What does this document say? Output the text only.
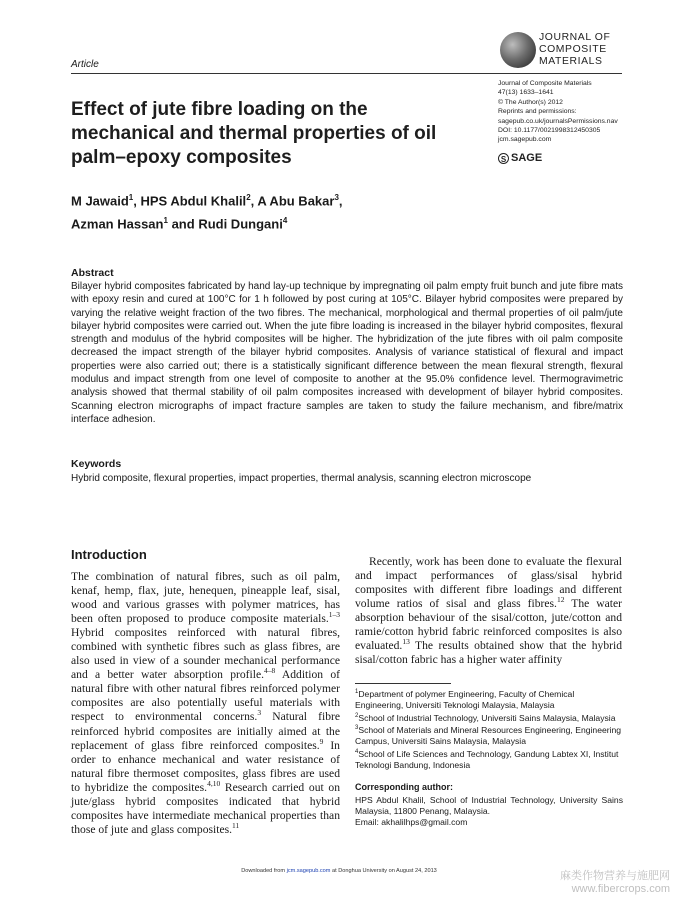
Article
JOURNAL OF
COMPOSITE
MATERIALS
Journal of Composite Materials
47(13) 1633–1641
© The Author(s) 2012
Reprints and permissions:
sagepub.co.uk/journalsPermissions.nav
DOI: 10.1177/0021998312450305
jcm.sagepub.com
S SAGE
Effect of jute fibre loading on the mechanical and thermal properties of oil palm–epoxy composites
M Jawaid$^1$, HPS Abdul Khalil$^2$, A Abu Bakar$^3$,
Azman Hassan$^1$ and Rudi Dungani$^4$
Abstract
Bilayer hybrid composites fabricated by hand lay-up technique by impregnating oil palm empty fruit bunch and jute fibre mats with epoxy resin and cured at 100°C for 1 h followed by post curing at 105°C. Bilayer hybrid composites were prepared by varying the relative weight fraction of the two fibres. The mechanical, morphological and thermal properties of oil palm/jute bilayer hybrid composites were carried out. When the jute fibre loading is increased in the bilayer hybrid composites, flexural strength and modulus of the hybrid composites will be higher. The hybridization of the jute fibres with oil palm composite decreased the impact strength of the bilayer hybrid composites. Analysis of variance statistical of flexural and impact properties were also carried out; there is a statistically significant difference between the mean flexural strength, flexural modulus and impact strength from one level of composite to another at the 95.0% confidence level. Thermogravimetric analysis showed that thermal stability of oil palm composites increased with development of bilayer hybrid composites. Scanning electron micrographs of impact fracture samples are taken to study the failure mechanism, and fibre/matrix interface adhesion.
Keywords
Hybrid composite, flexural properties, impact properties, thermal analysis, scanning electron microscope
Introduction
The combination of natural fibres, such as oil palm, kenaf, hemp, flax, jute, henequen, pineapple leaf, sisal, wood and various grasses with polymer matrices, has been often proposed to produce composite materials.$^{1-3}$ Hybrid composites reinforced with natural fibres, combined with synthetic fibres such as glass fibres, are also used in view of a sounder mechanical performance and a better water absorption profile.$^{4-8}$ Addition of natural fibre with other natural fibres reinforced polymer composites are also potentially useful materials with respect to environmental concerns.$^3$ Natural fibre reinforced hybrid composites are initially aimed at the replacement of glass fibre reinforced composites.$^9$ In order to enhance mechanical and water resistance of natural fibre thermoset composites, glass fibres are used to hybridize the composites.$^{4,10}$ Research carried out on jute/glass hybrid composites indicated that hybrid composites have intermediate mechanical properties than those of jute and glass composites.$^{11}$
Recently, work has been done to evaluate the flexural and impact performances of glass/sisal hybrid composites with different fibre loadings and different volume ratios of sisal and glass fibres.$^{12}$ The water absorption behaviour of the sisal/cotton, jute/cotton and ramie/cotton hybrid fabric reinforced composites is also evaluated.$^{13}$ The results obtained show that the hybrid sisal/cotton fabric has a higher water affinity
$^1$Department of polymer Engineering, Faculty of Chemical Engineering, Universiti Teknologi Malaysia, Malaysia
$^2$School of Industrial Technology, Universiti Sains Malaysia, Malaysia
$^3$School of Materials and Mineral Resources Engineering, Engineering Campus, Universiti Sains Malaysia, Malaysia
$^4$School of Life Sciences and Technology, Gandung Labtex XI, Institut Teknologi Bandung, Indonesia
Corresponding author:
HPS Abdul Khalil, School of Industrial Technology, University Sains Malaysia, 11800 Penang, Malaysia.
Email: akhalilhps@gmail.com
Downloaded from jcm.sagepub.com at Donghua University on August 24, 2013	麻类作物营养与施肥网
www.fibercrops.com
